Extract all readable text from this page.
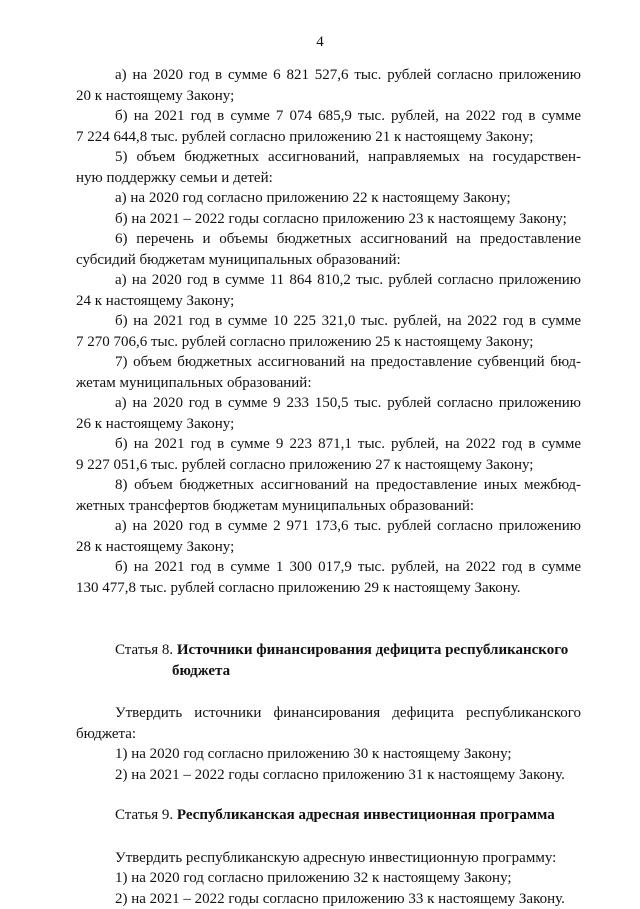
4
а) на 2020 год в сумме 6 821 527,6 тыс. рублей согласно приложению
20 к настоящему Закону;
б) на 2021 год в сумме 7 074 685,9 тыс. рублей, на 2022 год в сумме
7 224 644,8 тыс. рублей согласно приложению 21 к настоящему Закону;
5) объем бюджетных ассигнований, направляемых на государствен-
ную поддержку семьи и детей:
а) на 2020 год согласно приложению 22 к настоящему Закону;
б) на 2021 – 2022 годы согласно приложению 23 к настоящему Закону;
6) перечень и объемы бюджетных ассигнований на предоставление
субсидий бюджетам муниципальных образований:
а) на 2020 год в сумме 11 864 810,2 тыс. рублей согласно приложению
24 к настоящему Закону;
б) на 2021 год в сумме 10 225 321,0 тыс. рублей, на 2022 год в сумме
7 270 706,6 тыс. рублей согласно приложению 25 к настоящему Закону;
7) объем бюджетных ассигнований на предоставление субвенций бюд-
жетам муниципальных образований:
а) на 2020 год в сумме 9 233 150,5 тыс. рублей согласно приложению
26 к настоящему Закону;
б) на 2021 год в сумме 9 223 871,1 тыс. рублей, на 2022 год в сумме
9 227 051,6 тыс. рублей согласно приложению 27 к настоящему Закону;
8) объем бюджетных ассигнований на предоставление иных межбюд-
жетных трансфертов бюджетам муниципальных образований:
а) на 2020 год в сумме 2 971 173,6 тыс. рублей согласно приложению
28 к настоящему Закону;
б) на 2021 год в сумме 1 300 017,9 тыс. рублей, на 2022 год в сумме
130 477,8 тыс. рублей согласно приложению 29 к настоящему Закону.
Статья 8. Источники финансирования дефицита республиканского
бюджета
Утвердить источники финансирования дефицита республиканского
бюджета:
1) на 2020 год согласно приложению 30 к настоящему Закону;
2) на 2021 – 2022 годы согласно приложению 31 к настоящему Закону.
Статья 9. Республиканская адресная инвестиционная программа
Утвердить республиканскую адресную инвестиционную программу:
1) на 2020 год согласно приложению 32 к настоящему Закону;
2) на 2021 – 2022 годы согласно приложению 33 к настоящему Закону.
